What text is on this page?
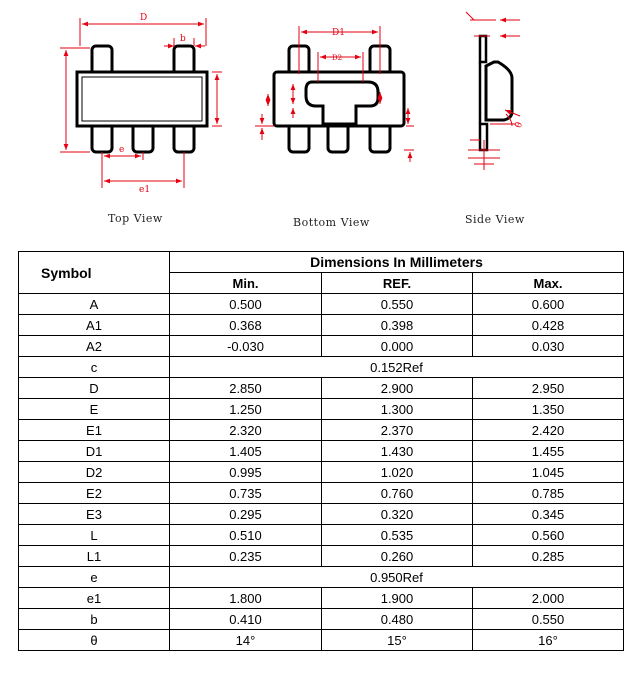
D
b
e
e1
D1
D2
θ
Top View	Bottom View	Side View
Symbol	Dimensions In Millimeters		
	Min.	REF.	Max.
A	0.500	0.550	0.600
A1	0.368	0.398	0.428
A2	-0.030	0.000	0.030
c	0.152Ref		
D	2.850	2.900	2.950
E	1.250	1.300	1.350
E1	2.320	2.370	2.420
D1	1.405	1.430	1.455
D2	0.995	1.020	1.045
E2	0.735	0.760	0.785
E3	0.295	0.320	0.345
L	0.510	0.535	0.560
L1	0.235	0.260	0.285
e	0.950Ref		
e1	1.800	1.900	2.000
b	0.410	0.480	0.550
θ	14°	15°	16°
